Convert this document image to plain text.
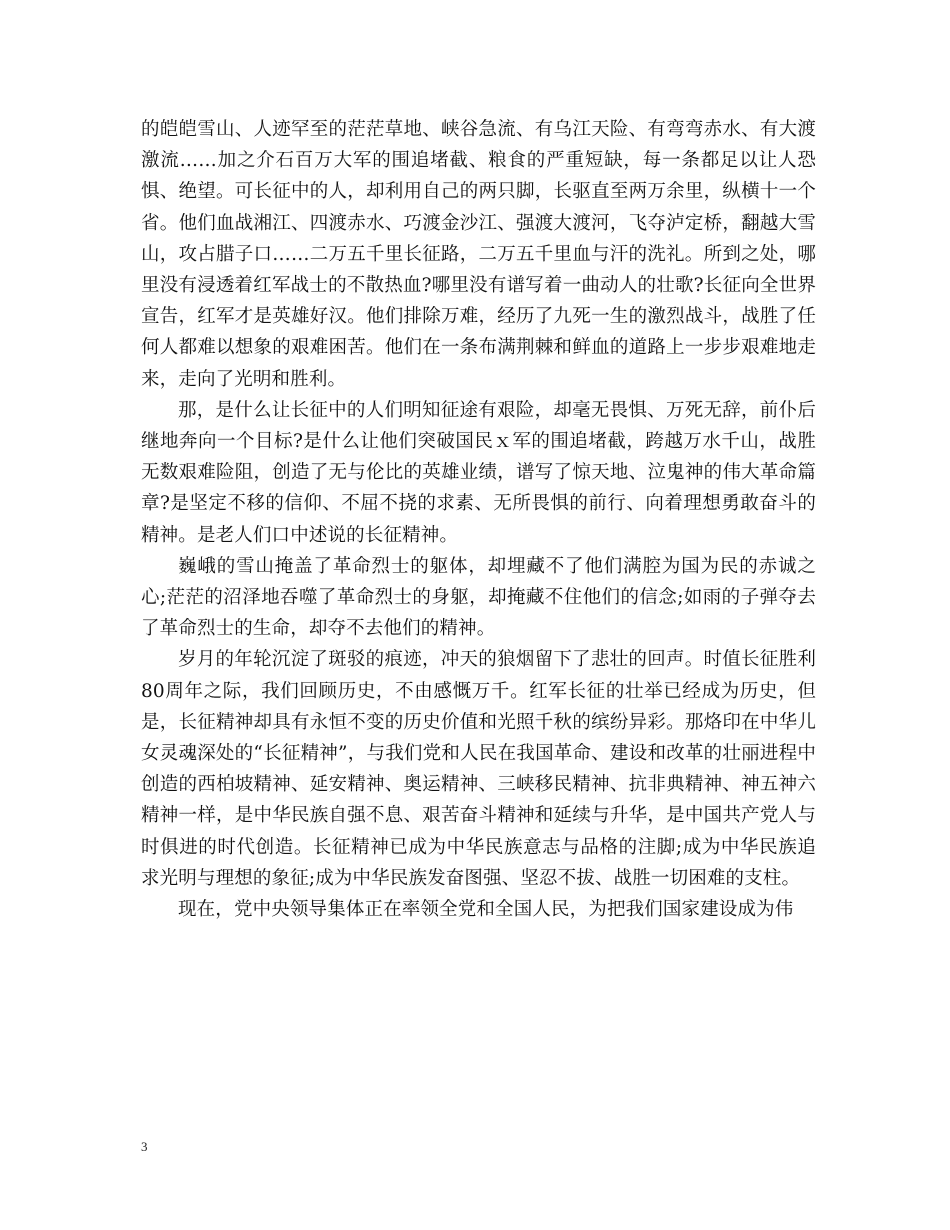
的皑皑雪山、人迹罕至的茫茫草地、峡谷急流、有乌江天险、有弯弯赤水、有大渡激流……加之介石百万大军的围追堵截、粮食的严重短缺，每一条都足以让人恐惧、绝望。可长征中的人，却利用自己的两只脚，长驱直至两万余里，纵横十一个省。他们血战湘江、四渡赤水、巧渡金沙江、强渡大渡河，飞夺泸定桥，翻越大雪山，攻占腊子口……二万五千里长征路，二万五千里血与汗的洗礼。所到之处，哪里没有浸透着红军战士的不散热血?哪里没有谱写着一曲动人的壮歌?长征向全世界宣告，红军才是英雄好汉。他们排除万难，经历了九死一生的激烈战斗，战胜了任何人都难以想象的艰难困苦。他们在一条布满荆棘和鲜血的道路上一步步艰难地走来，走向了光明和胜利。

那，是什么让长征中的人们明知征途有艰险，却毫无畏惧、万死无辞，前仆后继地奔向一个目标?是什么让他们突破国民ｘ军的围追堵截，跨越万水千山，战胜无数艰难险阻，创造了无与伦比的英雄业绩，谱写了惊天地、泣鬼神的伟大革命篇章?是坚定不移的信仰、不屈不挠的求素、无所畏惧的前行、向着理想勇敢奋斗的精神。是老人们口中述说的长征精神。

巍峨的雪山掩盖了革命烈士的躯体，却埋藏不了他们满腔为国为民的赤诚之心;茫茫的沼泽地吞噬了革命烈士的身躯，却掩藏不住他们的信念;如雨的子弹夺去了革命烈士的生命，却夺不去他们的精神。

岁月的年轮沉淀了斑驳的痕迹，冲天的狼烟留下了悲壮的回声。时值长征胜利80周年之际，我们回顾历史，不由感慨万千。红军长征的壮举已经成为历史，但是，长征精神却具有永恒不变的历史价值和光照千秋的缤纷异彩。那烙印在中华儿女灵魂深处的“长征精神”，与我们党和人民在我国革命、建设和改革的壮丽进程中创造的西柏坡精神、延安精神、奥运精神、三峡移民精神、抗非典精神、神五神六精神一样，是中华民族自强不息、艰苦奋斗精神和延续与升华，是中国共产党人与时俱进的时代创造。长征精神已成为中华民族意志与品格的注脚;成为中华民族追求光明与理想的象征;成为中华民族发奋图强、坚忍不拔、战胜一切困难的支柱。

现在，党中央领导集体正在率领全党和全国人民，为把我们国家建设成为伟

3
